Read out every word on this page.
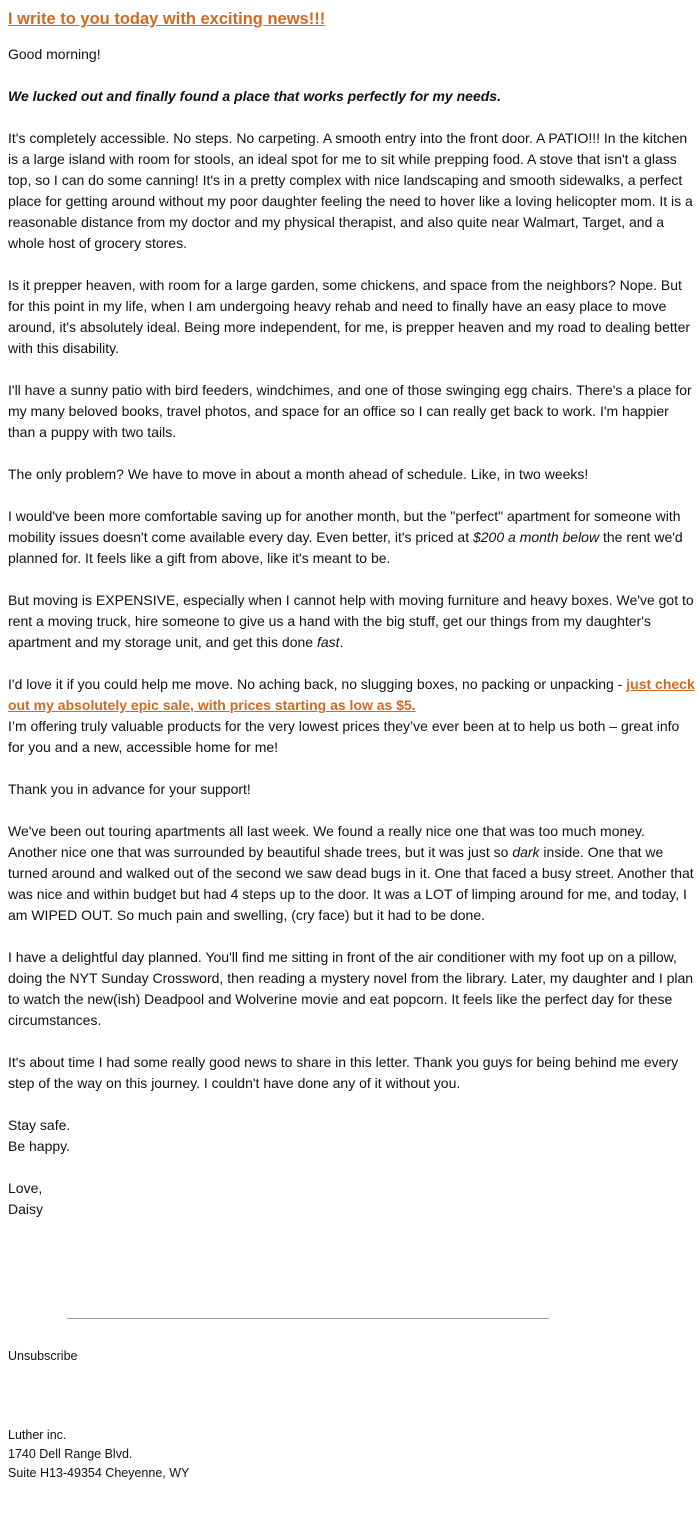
I write to you today with exciting news!!!

Good morning!

We lucked out and finally found a place that works perfectly for my needs.

It's completely accessible. No steps. No carpeting. A smooth entry into the front door. A PATIO!!! In the kitchen is a large island with room for stools, an ideal spot for me to sit while prepping food. A stove that isn't a glass top, so I can do some canning! It's in a pretty complex with nice landscaping and smooth sidewalks, a perfect place for getting around without my poor daughter feeling the need to hover like a loving helicopter mom. It is a reasonable distance from my doctor and my physical therapist, and also quite near Walmart, Target, and a whole host of grocery stores.

Is it prepper heaven, with room for a large garden, some chickens, and space from the neighbors? Nope. But for this point in my life, when I am undergoing heavy rehab and need to finally have an easy place to move around, it's absolutely ideal. Being more independent, for me, is prepper heaven and my road to dealing better with this disability.

I'll have a sunny patio with bird feeders, windchimes, and one of those swinging egg chairs. There's a place for my many beloved books, travel photos, and space for an office so I can really get back to work. I'm happier than a puppy with two tails.

The only problem? We have to move in about a month ahead of schedule. Like, in two weeks!

I would've been more comfortable saving up for another month, but the "perfect" apartment for someone with mobility issues doesn't come available every day. Even better, it's priced at $200 a month below the rent we'd planned for. It feels like a gift from above, like it's meant to be.

But moving is EXPENSIVE, especially when I cannot help with moving furniture and heavy boxes. We've got to rent a moving truck, hire someone to give us a hand with the big stuff, get our things from my daughter's apartment and my storage unit, and get this done fast.

I'd love it if you could help me move. No aching back, no slugging boxes, no packing or unpacking - just check out my absolutely epic sale, with prices starting as low as $5.
I’m offering truly valuable products for the very lowest prices they’ve ever been at to help us both – great info for you and a new, accessible home for me!

Thank you in advance for your support!

We've been out touring apartments all last week. We found a really nice one that was too much money. Another nice one that was surrounded by beautiful shade trees, but it was just so dark inside. One that we turned around and walked out of the second we saw dead bugs in it. One that faced a busy street. Another that was nice and within budget but had 4 steps up to the door. It was a LOT of limping around for me, and today, I am WIPED OUT. So much pain and swelling, (cry face) but it had to be done.

I have a delightful day planned. You'll find me sitting in front of the air conditioner with my foot up on a pillow, doing the NYT Sunday Crossword, then reading a mystery novel from the library. Later, my daughter and I plan to watch the new(ish) Deadpool and Wolverine movie and eat popcorn. It feels like the perfect day for these circumstances.

It's about time I had some really good news to share in this letter. Thank you guys for being behind me every step of the way on this journey. I couldn't have done any of it without you.

Stay safe.

Be happy.

Love,

Daisy

Unsubscribe
Luther inc.
1740 Dell Range Blvd.
Suite H13-49354 Cheyenne, WY
